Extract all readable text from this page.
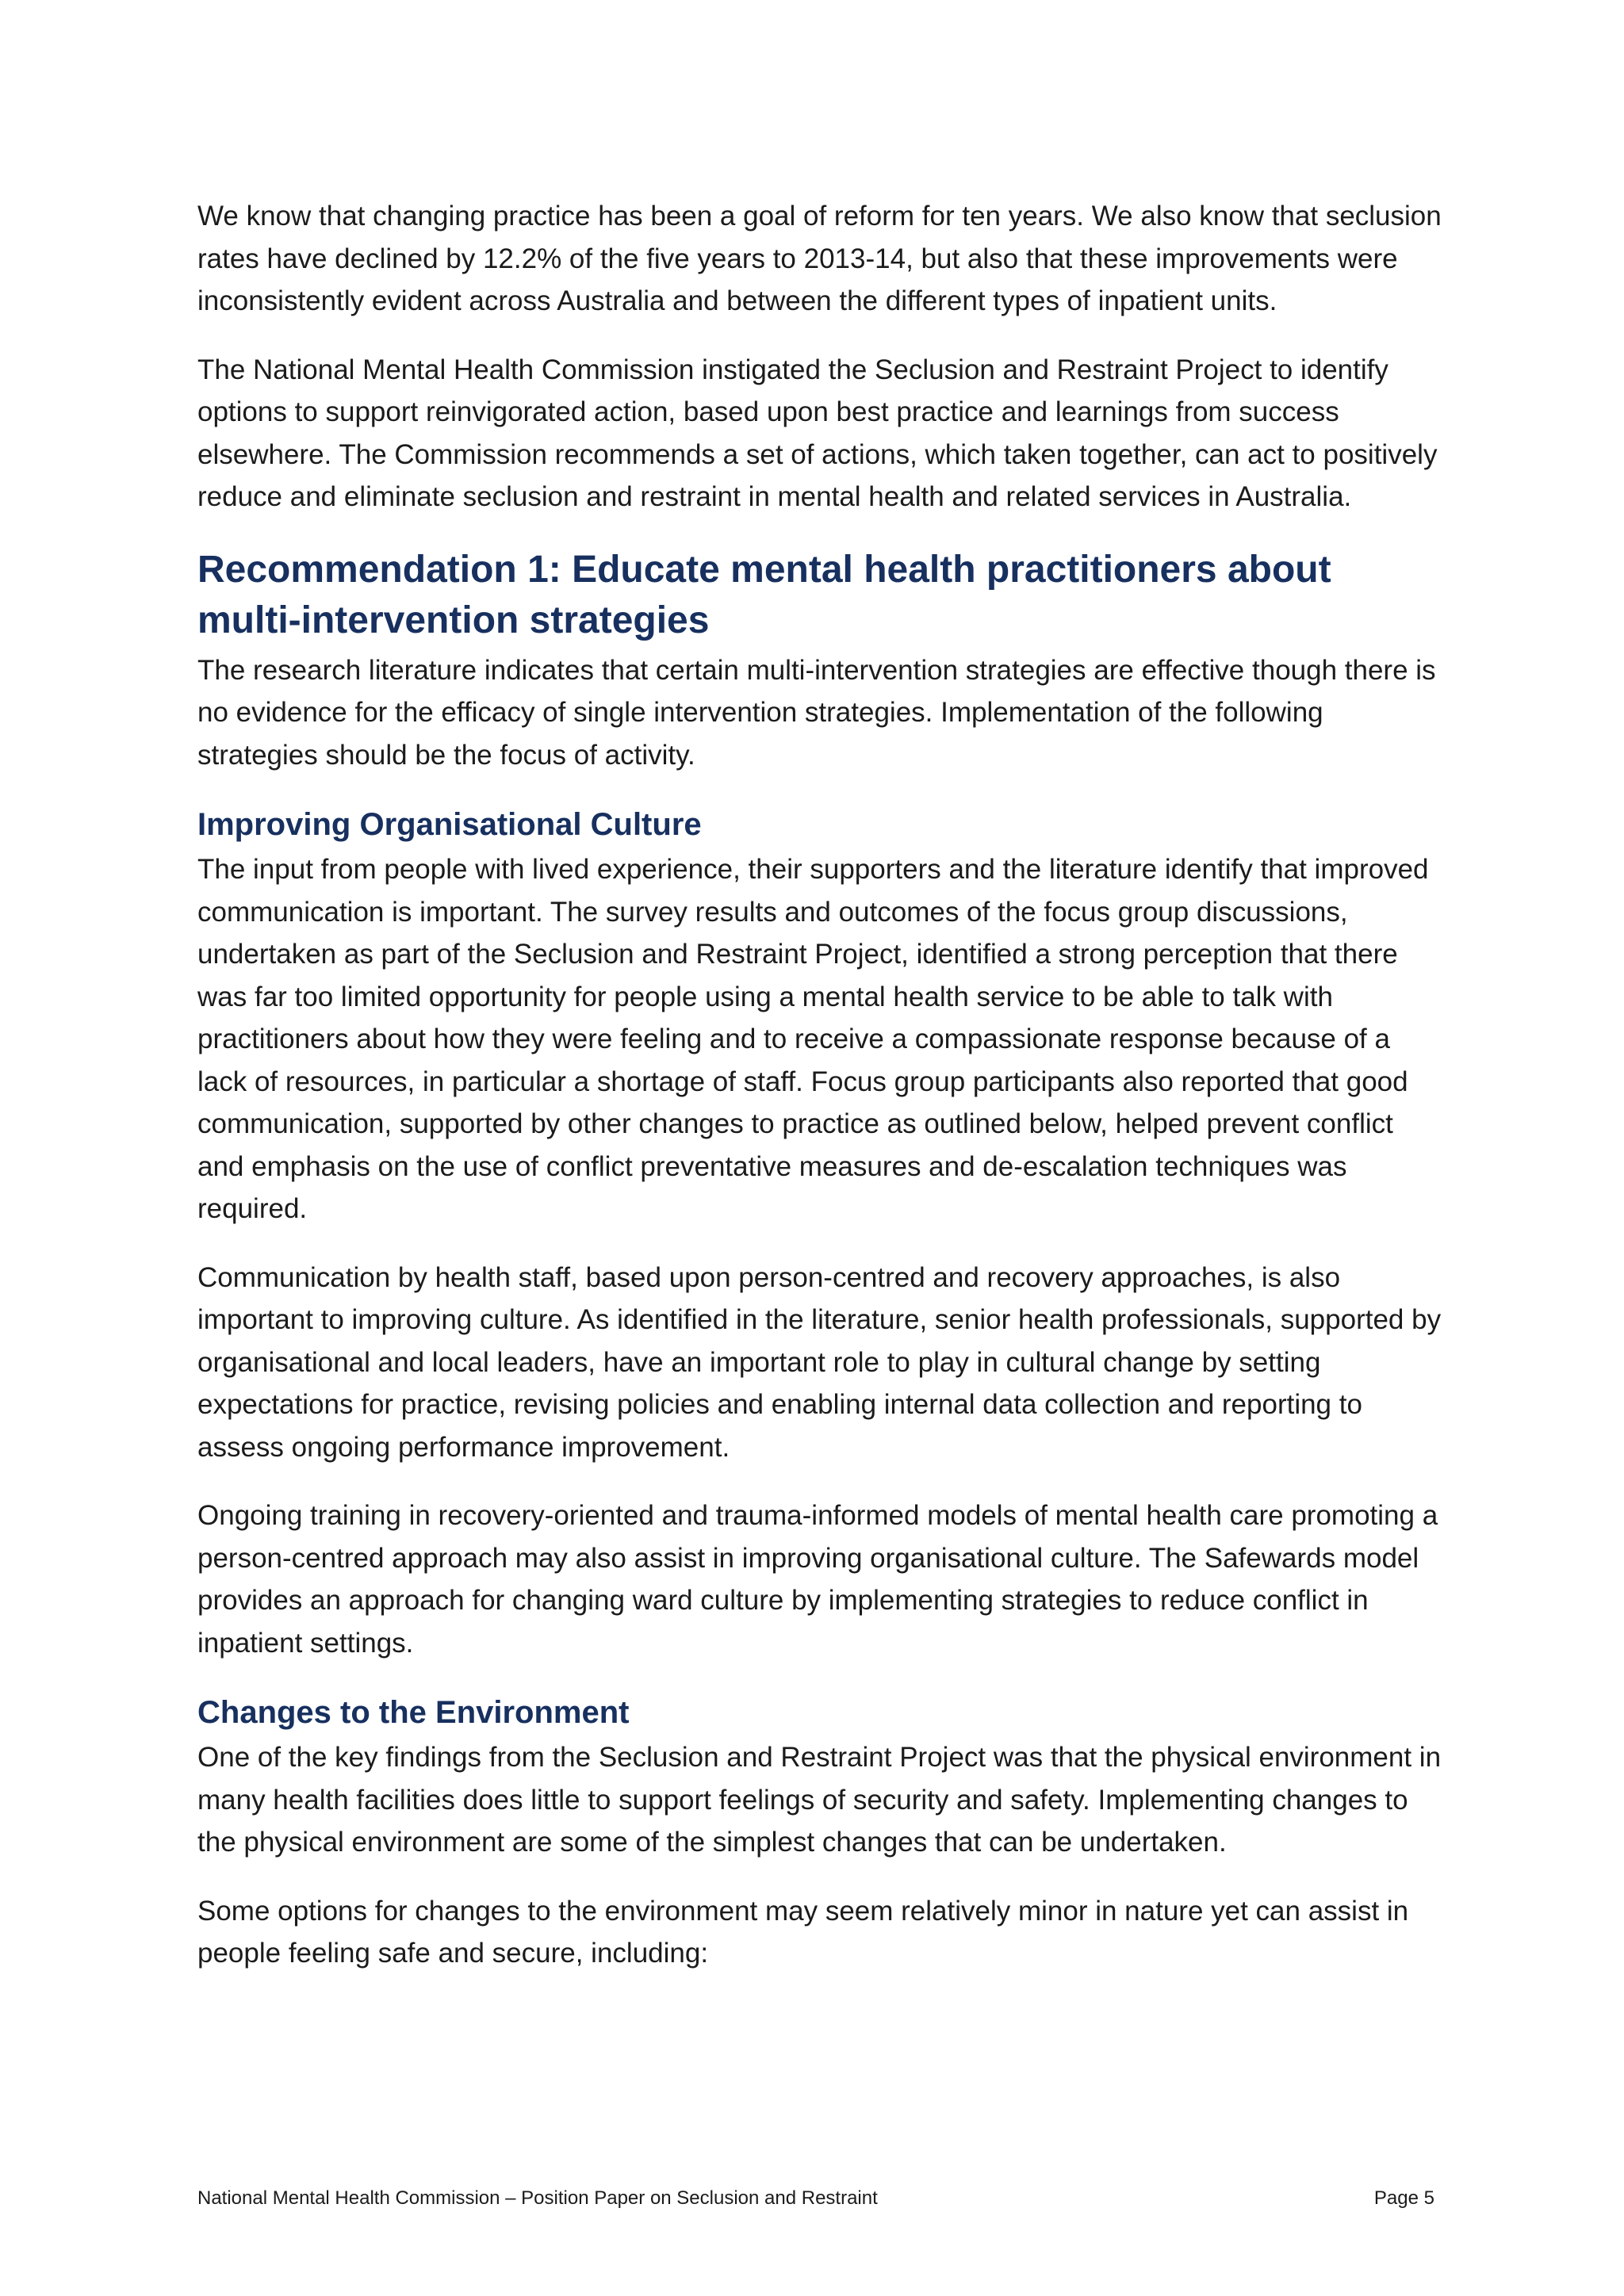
We know that changing practice has been a goal of reform for ten years. We also know that seclusion rates have declined by 12.2% of the five years to 2013-14, but also that these improvements were inconsistently evident across Australia and between the different types of inpatient units.

The National Mental Health Commission instigated the Seclusion and Restraint Project to identify options to support reinvigorated action, based upon best practice and learnings from success elsewhere. The Commission recommends a set of actions, which taken together, can act to positively reduce and eliminate seclusion and restraint in mental health and related services in Australia.

Recommendation 1: Educate mental health practitioners about multi-intervention strategies

The research literature indicates that certain multi-intervention strategies are effective though there is no evidence for the efficacy of single intervention strategies. Implementation of the following strategies should be the focus of activity.

Improving Organisational Culture

The input from people with lived experience, their supporters and the literature identify that improved communication is important. The survey results and outcomes of the focus group discussions, undertaken as part of the Seclusion and Restraint Project, identified a strong perception that there was far too limited opportunity for people using a mental health service to be able to talk with practitioners about how they were feeling and to receive a compassionate response because of a lack of resources, in particular a shortage of staff. Focus group participants also reported that good communication, supported by other changes to practice as outlined below, helped prevent conflict and emphasis on the use of conflict preventative measures and de-escalation techniques was required.

Communication by health staff, based upon person-centred and recovery approaches, is also important to improving culture. As identified in the literature, senior health professionals, supported by organisational and local leaders, have an important role to play in cultural change by setting expectations for practice, revising policies and enabling internal data collection and reporting to assess ongoing performance improvement.

Ongoing training in recovery-oriented and trauma-informed models of mental health care promoting a person-centred approach may also assist in improving organisational culture. The Safewards model provides an approach for changing ward culture by implementing strategies to reduce conflict in inpatient settings.

Changes to the Environment

One of the key findings from the Seclusion and Restraint Project was that the physical environment in many health facilities does little to support feelings of security and safety. Implementing changes to the physical environment are some of the simplest changes that can be undertaken.

Some options for changes to the environment may seem relatively minor in nature yet can assist in people feeling safe and secure, including:

National Mental Health Commission – Position Paper on Seclusion and Restraint	Page 5
